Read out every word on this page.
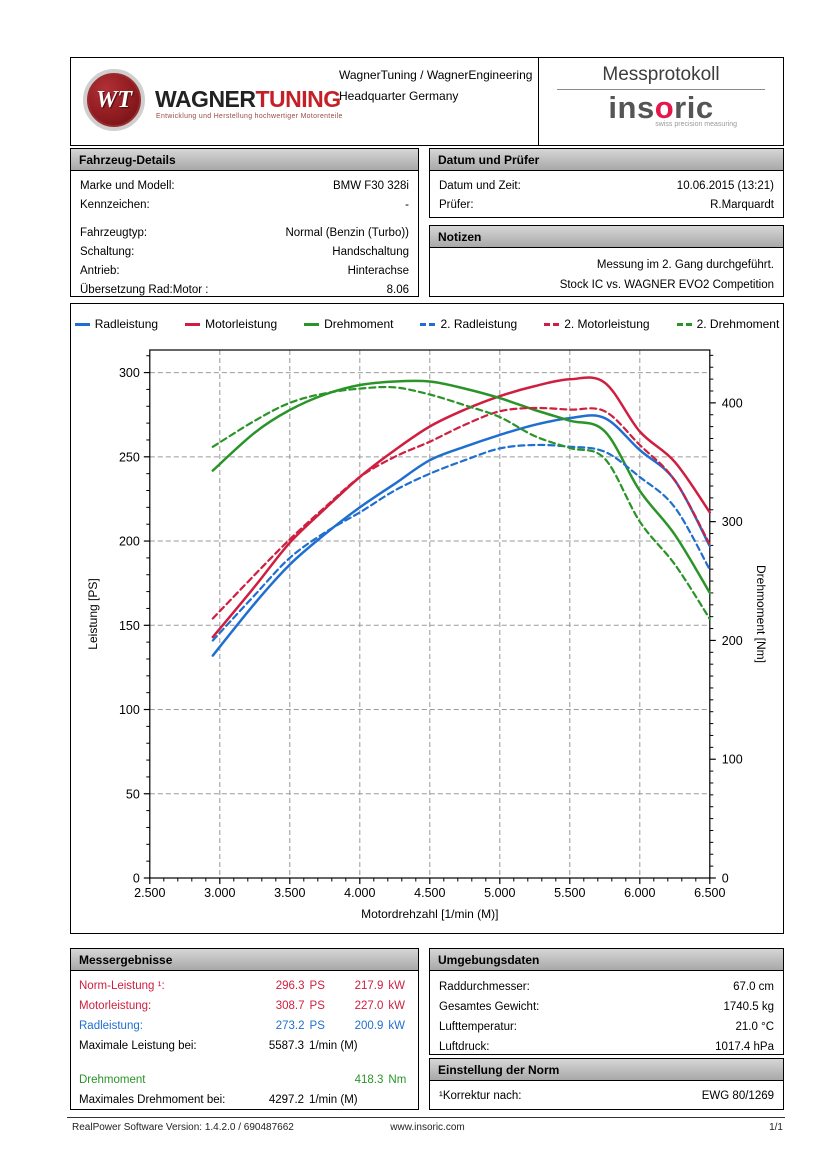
WT WAGNERTUNING
Entwicklung und Herstellung hochwertiger Motorenteile
WagnerTuning / WagnerEngineering
Headquarter Germany
Messprotokoll
insoric
swiss precision measuring
Fahrzeug-Details
Marke und Modell:	BMW F30 328i
Kennzeichen:	-
Fahrzeugtyp:	Normal (Benzin (Turbo))
Schaltung:	Handschaltung
Antrieb:	Hinterachse
Übersetzung Rad:Motor :	8.06
Datum und Prüfer
Datum und Zeit:	10.06.2015 (13:21)
Prüfer:	R.Marquardt
Notizen
Messung im 2. Gang durchgeführt.
Stock IC vs. WAGNER EVO2 Competition
Radleistung	Motorleistung	Drehmoment	2. Radleistung	2. Motorleistung	2. Drehmoment
2.500	3.000	3.500	4.000	4.500	5.000	5.500	6.000	6.500
0
50
100
150
200
250
300
0
100
200
300
400
Motordrehzahl [1/min (M)]
Leistung [PS]	Drehmoment [Nm]
Messergebnisse
Norm-Leistung ¹:	296.3 PS	217.9 kW
Motorleistung:	308.7 PS	227.0 kW
Radleistung:	273.2 PS	200.9 kW
Maximale Leistung bei:	5587.3 1/min (M)
Drehmoment	418.3 Nm
Maximales Drehmoment bei:	4297.2 1/min (M)
Umgebungsdaten
Raddurchmesser:	67.0 cm
Gesamtes Gewicht:	1740.5 kg
Lufttemperatur:	21.0 °C
Luftdruck:	1017.4 hPa
Einstellung der Norm
¹Korrektur nach:	EWG 80/1269
RealPower Software Version: 1.4.2.0 / 690487662	www.insoric.com	1/1
